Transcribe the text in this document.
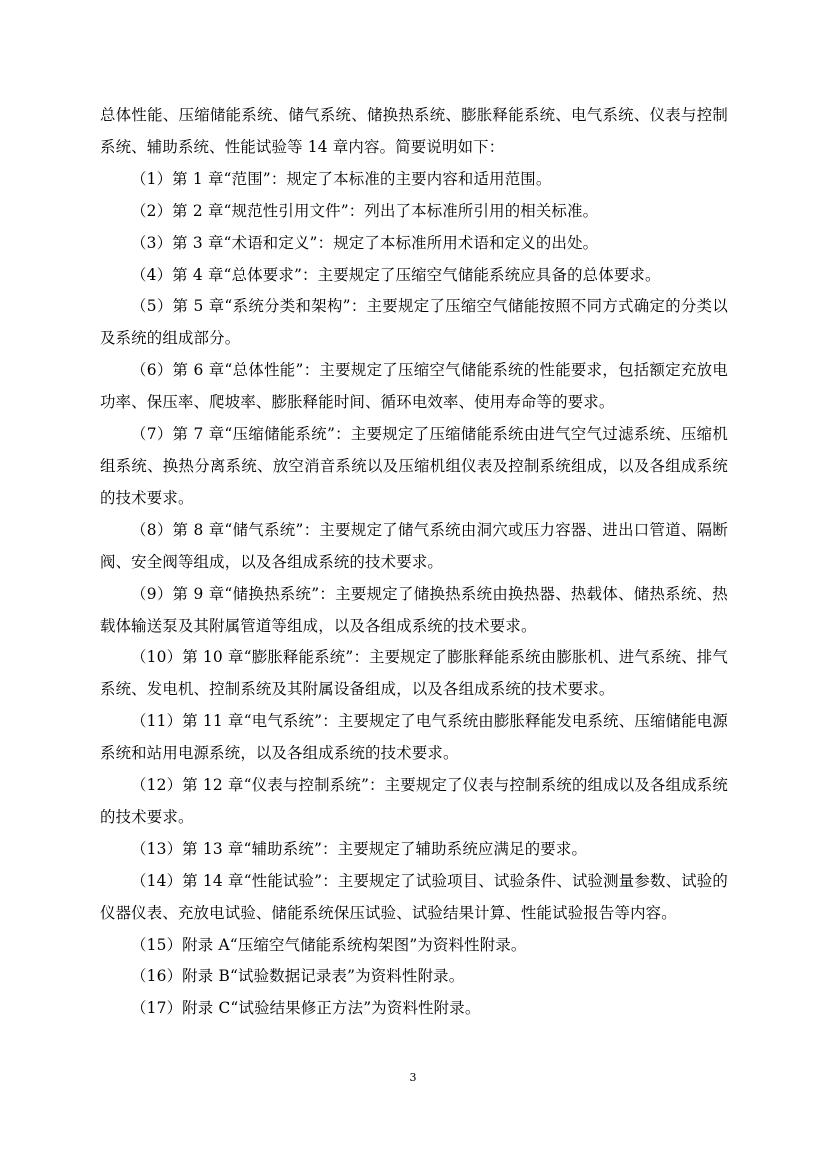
总体性能、压缩储能系统、储气系统、储换热系统、膨胀释能系统、电气系统、仪表与控制系统、辅助系统、性能试验等 14 章内容。简要说明如下：

（1）第 1 章“范围”：规定了本标准的主要内容和适用范围。

（2）第 2 章“规范性引用文件”：列出了本标准所引用的相关标准。

（3）第 3 章“术语和定义”：规定了本标准所用术语和定义的出处。

（4）第 4 章“总体要求”：主要规定了压缩空气储能系统应具备的总体要求。

（5）第 5 章“系统分类和架构”：主要规定了压缩空气储能按照不同方式确定的分类以及系统的组成部分。

（6）第 6 章“总体性能”：主要规定了压缩空气储能系统的性能要求，包括额定充放电功率、保压率、爬坡率、膨胀释能时间、循环电效率、使用寿命等的要求。

（7）第 7 章“压缩储能系统”：主要规定了压缩储能系统由进气空气过滤系统、压缩机组系统、换热分离系统、放空消音系统以及压缩机组仪表及控制系统组成，以及各组成系统的技术要求。

（8）第 8 章“储气系统”：主要规定了储气系统由洞穴或压力容器、进出口管道、隔断阀、安全阀等组成，以及各组成系统的技术要求。

（9）第 9 章“储换热系统”：主要规定了储换热系统由换热器、热载体、储热系统、热载体输送泵及其附属管道等组成，以及各组成系统的技术要求。

（10）第 10 章“膨胀释能系统”：主要规定了膨胀释能系统由膨胀机、进气系统、排气系统、发电机、控制系统及其附属设备组成，以及各组成系统的技术要求。

（11）第 11 章“电气系统”：主要规定了电气系统由膨胀释能发电系统、压缩储能电源系统和站用电源系统，以及各组成系统的技术要求。

（12）第 12 章“仪表与控制系统”：主要规定了仪表与控制系统的组成以及各组成系统的技术要求。

（13）第 13 章“辅助系统”：主要规定了辅助系统应满足的要求。

（14）第 14 章“性能试验”：主要规定了试验项目、试验条件、试验测量参数、试验的仪器仪表、充放电试验、储能系统保压试验、试验结果计算、性能试验报告等内容。

（15）附录 A“压缩空气储能系统构架图”为资料性附录。

（16）附录 B“试验数据记录表”为资料性附录。

（17）附录 C“试验结果修正方法”为资料性附录。

3
